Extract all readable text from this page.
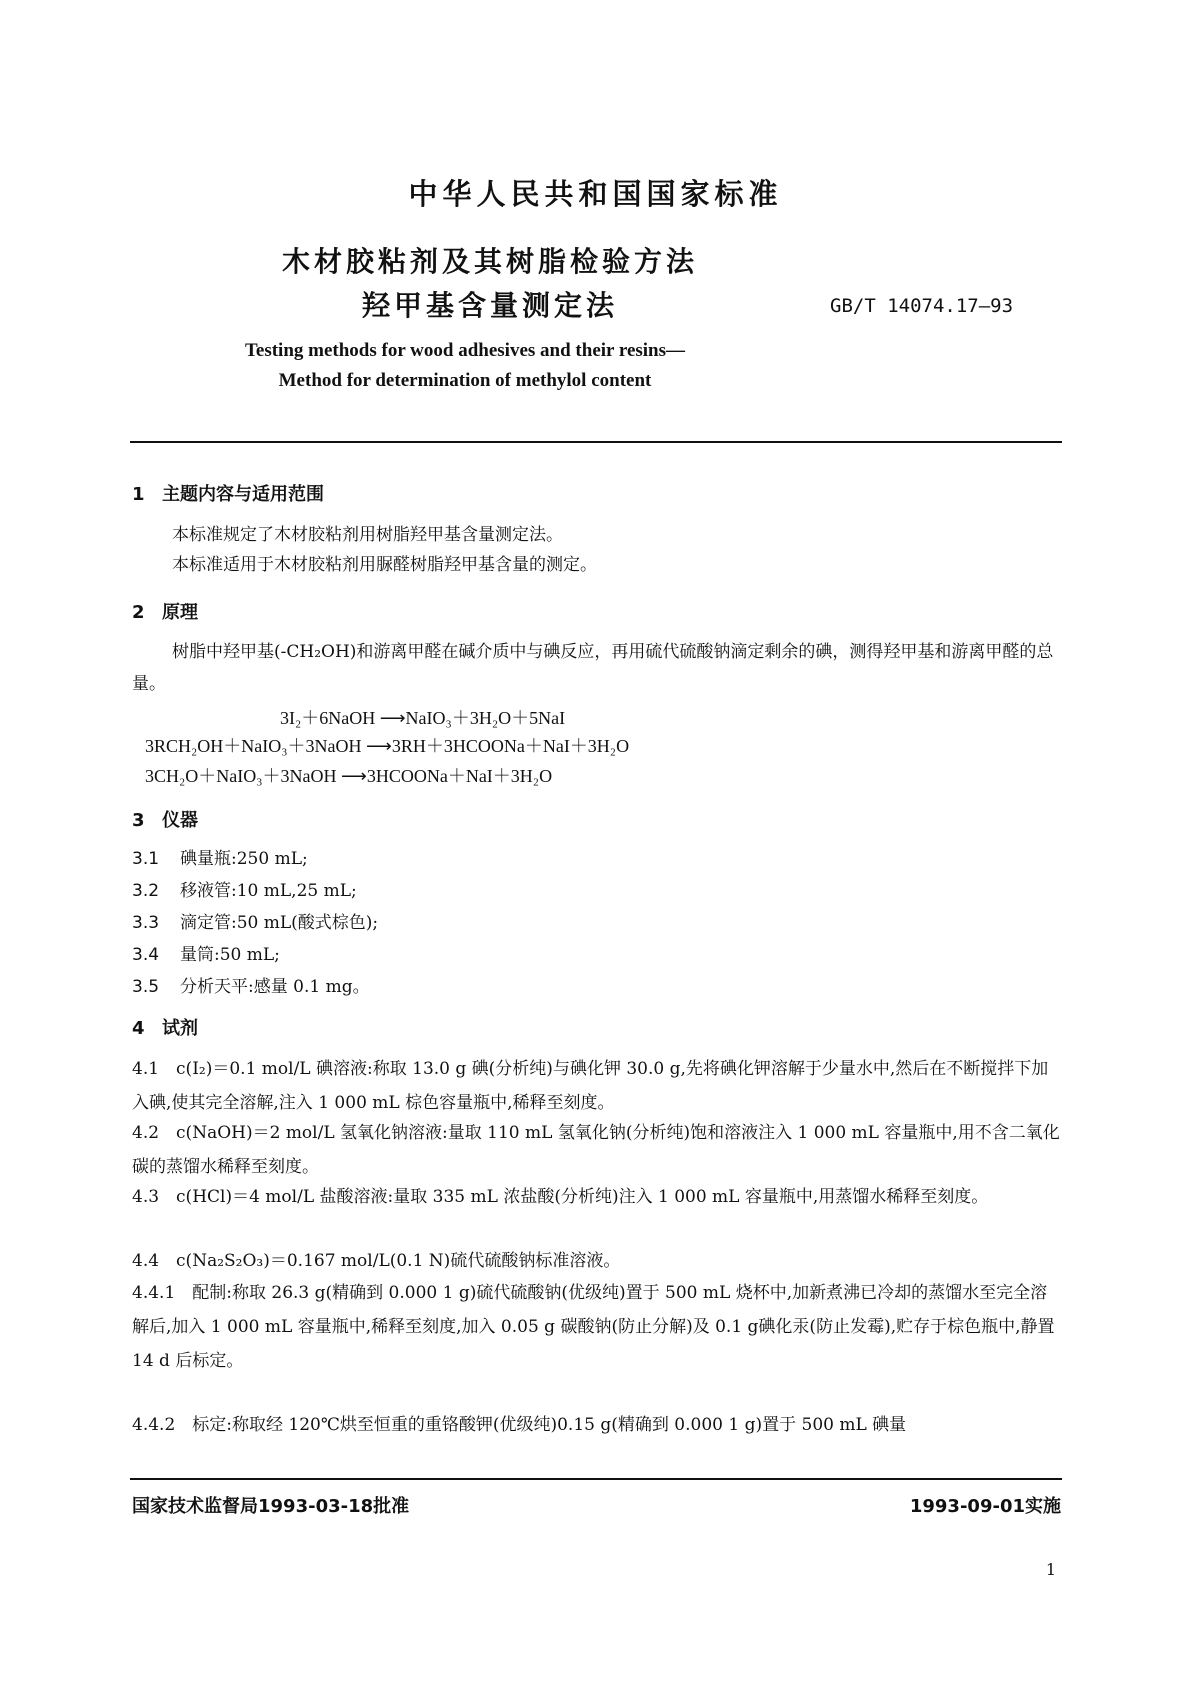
中华人民共和国国家标准
木材胶粘剂及其树脂检验方法
羟甲基含量测定法	GB/T 14074.17—93
Testing methods for wood adhesives and their resins—
Method for determination of methylol content
1 主题内容与适用范围
本标准规定了木材胶粘剂用树脂羟甲基含量测定法。
本标准适用于木材胶粘剂用脲醛树脂羟甲基含量的测定。
2 原理
树脂中羟甲基(-CH₂OH)和游离甲醛在碱介质中与碘反应，再用硫代硫酸钠滴定剩余的碘，测得羟甲基和游离甲醛的总量。
3I₂＋6NaOH ⟶NaIO₃＋3H₂O＋5NaI
3RCH₂OH＋NaIO₃＋3NaOH ⟶3RH＋3HCOONa＋NaI＋3H₂O
3CH₂O＋NaIO₃＋3NaOH ⟶3HCOONa＋NaI＋3H₂O
3 仪器
3.1 碘量瓶:250 mL;
3.2 移液管:10 mL,25 mL;
3.3 滴定管:50 mL(酸式棕色);
3.4 量筒:50 mL;
3.5 分析天平:感量 0.1 mg。
4 试剂
4.1　c(I₂)＝0.1 mol/L 碘溶液:称取 13.0 g 碘(分析纯)与碘化钾 30.0 g,先将碘化钾溶解于少量水中,然后在不断搅拌下加入碘,使其完全溶解,注入 1 000 mL 棕色容量瓶中,稀释至刻度。
4.2　c(NaOH)＝2 mol/L 氢氧化钠溶液:量取 110 mL 氢氧化钠(分析纯)饱和溶液注入 1 000 mL 容量瓶中,用不含二氧化碳的蒸馏水稀释至刻度。
4.3　c(HCl)＝4 mol/L 盐酸溶液:量取 335 mL 浓盐酸(分析纯)注入 1 000 mL 容量瓶中,用蒸馏水稀释至刻度。
4.4　c(Na₂S₂O₃)＝0.167 mol/L(0.1 N)硫代硫酸钠标准溶液。
4.4.1　配制:称取 26.3 g(精确到 0.000 1 g)硫代硫酸钠(优级纯)置于 500 mL 烧杯中,加新煮沸已冷却的蒸馏水至完全溶解后,加入 1 000 mL 容量瓶中,稀释至刻度,加入 0.05 g 碳酸钠(防止分解)及 0.1 g碘化汞(防止发霉),贮存于棕色瓶中,静置 14 d 后标定。
4.4.2　标定:称取经 120℃烘至恒重的重铬酸钾(优级纯)0.15 g(精确到 0.000 1 g)置于 500 mL 碘量
国家技术监督局1993-03-18批准	1993-09-01实施
1
